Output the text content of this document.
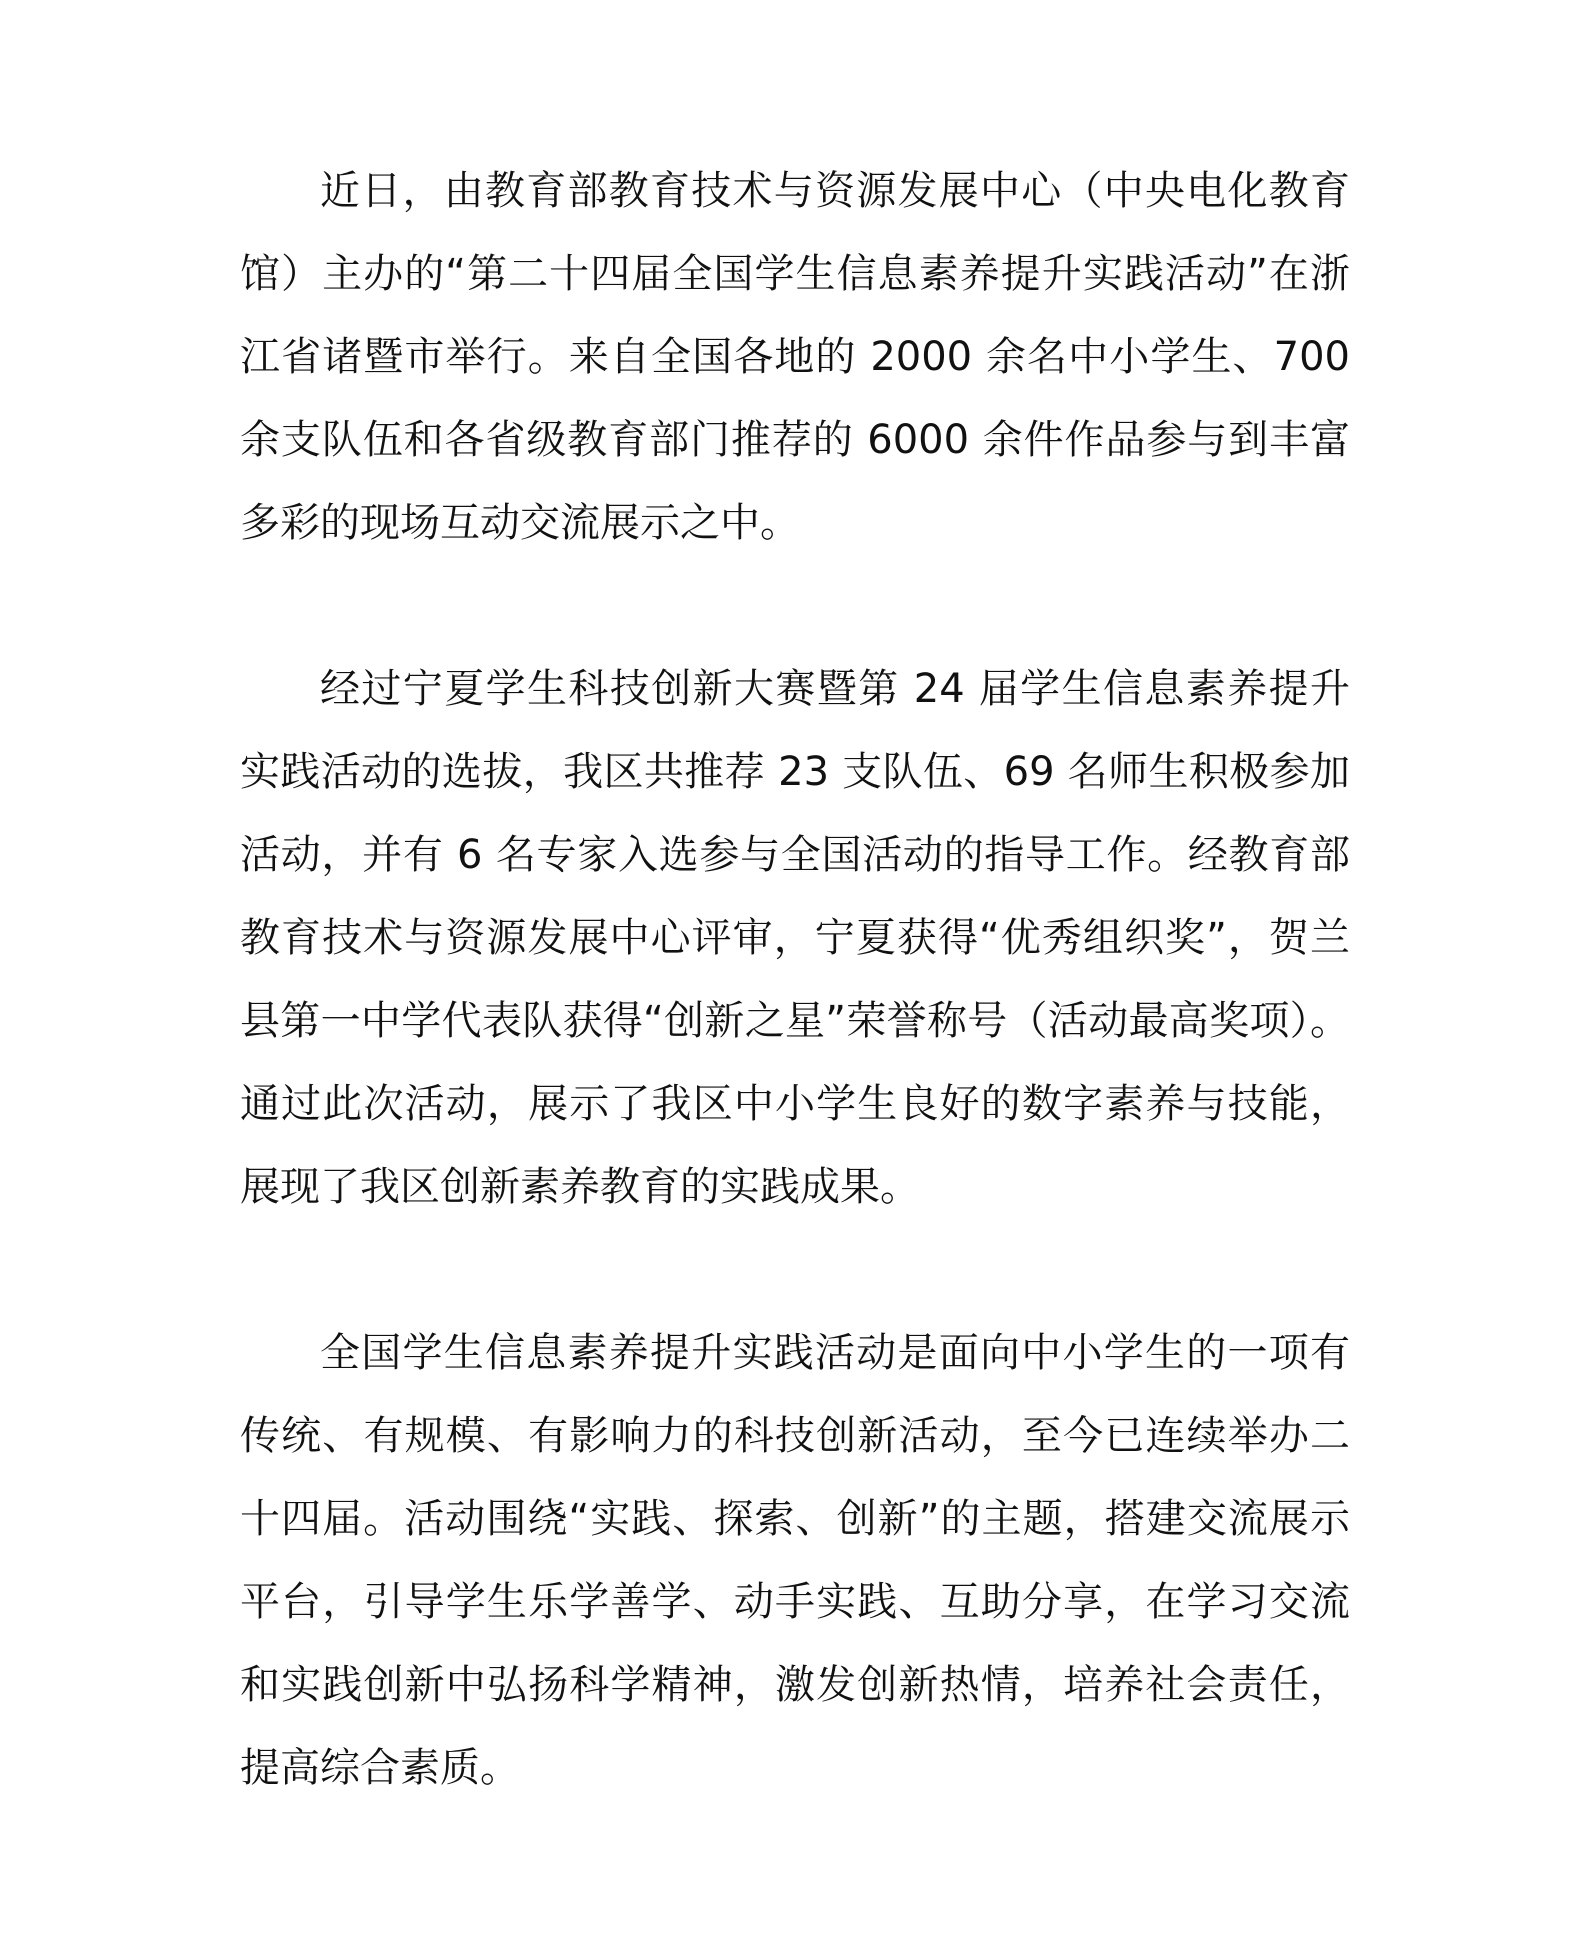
近日，由教育部教育技术与资源发展中心（中央电化教育馆）主办的“第二十四届全国学生信息素养提升实践活动”在浙江省诸暨市举行。来自全国各地的 2000 余名中小学生、700 余支队伍和各省级教育部门推荐的 6000 余件作品参与到丰富多彩的现场互动交流展示之中。

经过宁夏学生科技创新大赛暨第 24 届学生信息素养提升实践活动的选拔，我区共推荐 23 支队伍、69 名师生积极参加活动，并有 6 名专家入选参与全国活动的指导工作。经教育部教育技术与资源发展中心评审，宁夏获得“优秀组织奖”，贺兰县第一中学代表队获得“创新之星”荣誉称号（活动最高奖项）。通过此次活动，展示了我区中小学生良好的数字素养与技能，展现了我区创新素养教育的实践成果。

全国学生信息素养提升实践活动是面向中小学生的一项有传统、有规模、有影响力的科技创新活动，至今已连续举办二十四届。活动围绕“实践、探索、创新”的主题，搭建交流展示平台，引导学生乐学善学、动手实践、互助分享，在学习交流和实践创新中弘扬科学精神，激发创新热情，培养社会责任，提高综合素质。
